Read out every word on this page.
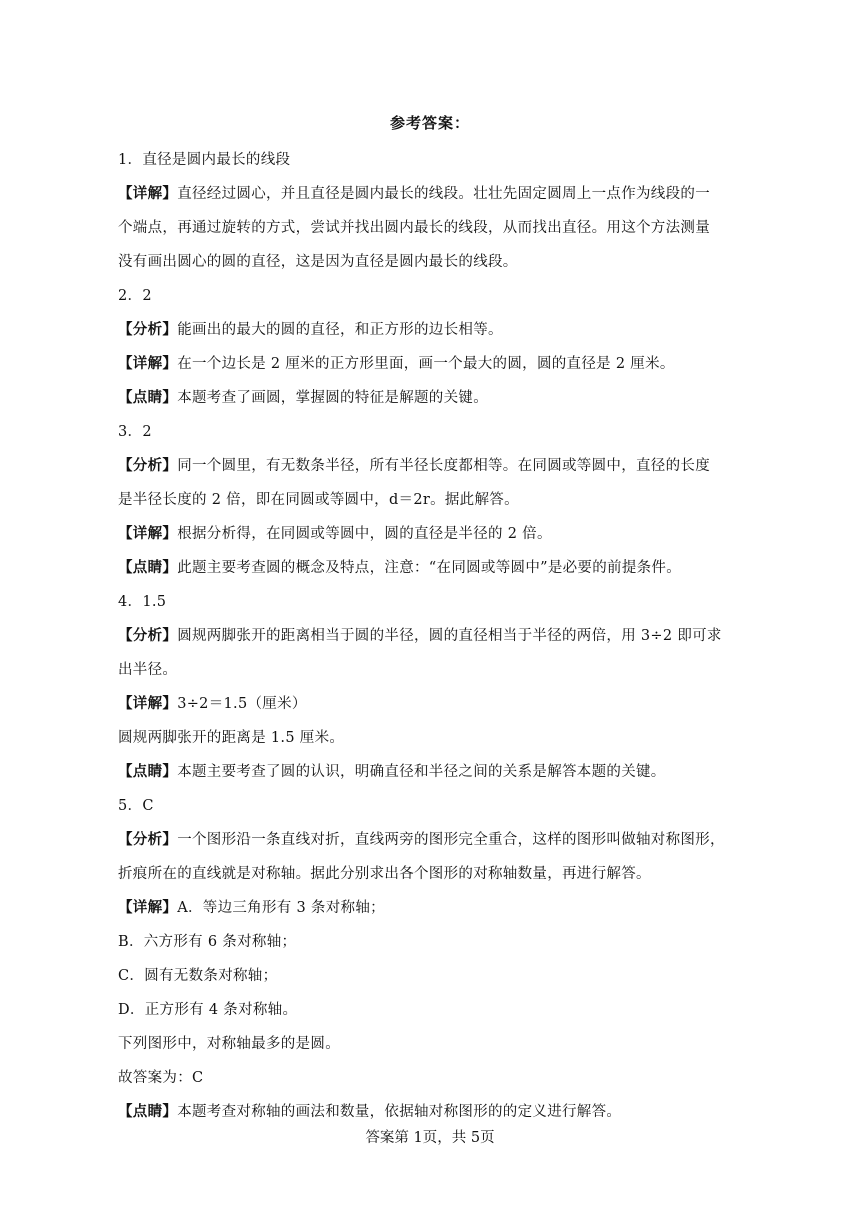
参考答案：
1．直径是圆内最长的线段
【详解】直径经过圆心，并且直径是圆内最长的线段。壮壮先固定圆周上一点作为线段的一
个端点，再通过旋转的方式，尝试并找出圆内最长的线段，从而找出直径。用这个方法测量
没有画出圆心的圆的直径，这是因为直径是圆内最长的线段。
2．2
【分析】能画出的最大的圆的直径，和正方形的边长相等。
【详解】在一个边长是 2 厘米的正方形里面，画一个最大的圆，圆的直径是 2 厘米。
【点睛】本题考查了画圆，掌握圆的特征是解题的关键。
3．2
【分析】同一个圆里，有无数条半径，所有半径长度都相等。在同圆或等圆中，直径的长度
是半径长度的 2 倍，即在同圆或等圆中，d＝2r。据此解答。
【详解】根据分析得，在同圆或等圆中，圆的直径是半径的 2 倍。
【点睛】此题主要考查圆的概念及特点，注意：“在同圆或等圆中”是必要的前提条件。
4．1.5
【分析】圆规两脚张开的距离相当于圆的半径，圆的直径相当于半径的两倍，用 3÷2 即可求
出半径。
【详解】3÷2＝1.5（厘米）
圆规两脚张开的距离是 1.5 厘米。
【点睛】本题主要考查了圆的认识，明确直径和半径之间的关系是解答本题的关键。
5．C
【分析】一个图形沿一条直线对折，直线两旁的图形完全重合，这样的图形叫做轴对称图形，
折痕所在的直线就是对称轴。据此分别求出各个图形的对称轴数量，再进行解答。
【详解】A．等边三角形有 3 条对称轴；
B．六方形有 6 条对称轴；
C．圆有无数条对称轴；
D．正方形有 4 条对称轴。
下列图形中，对称轴最多的是圆。
故答案为：C
【点睛】本题考查对称轴的画法和数量，依据轴对称图形的的定义进行解答。
答案第 1页，共 5页
